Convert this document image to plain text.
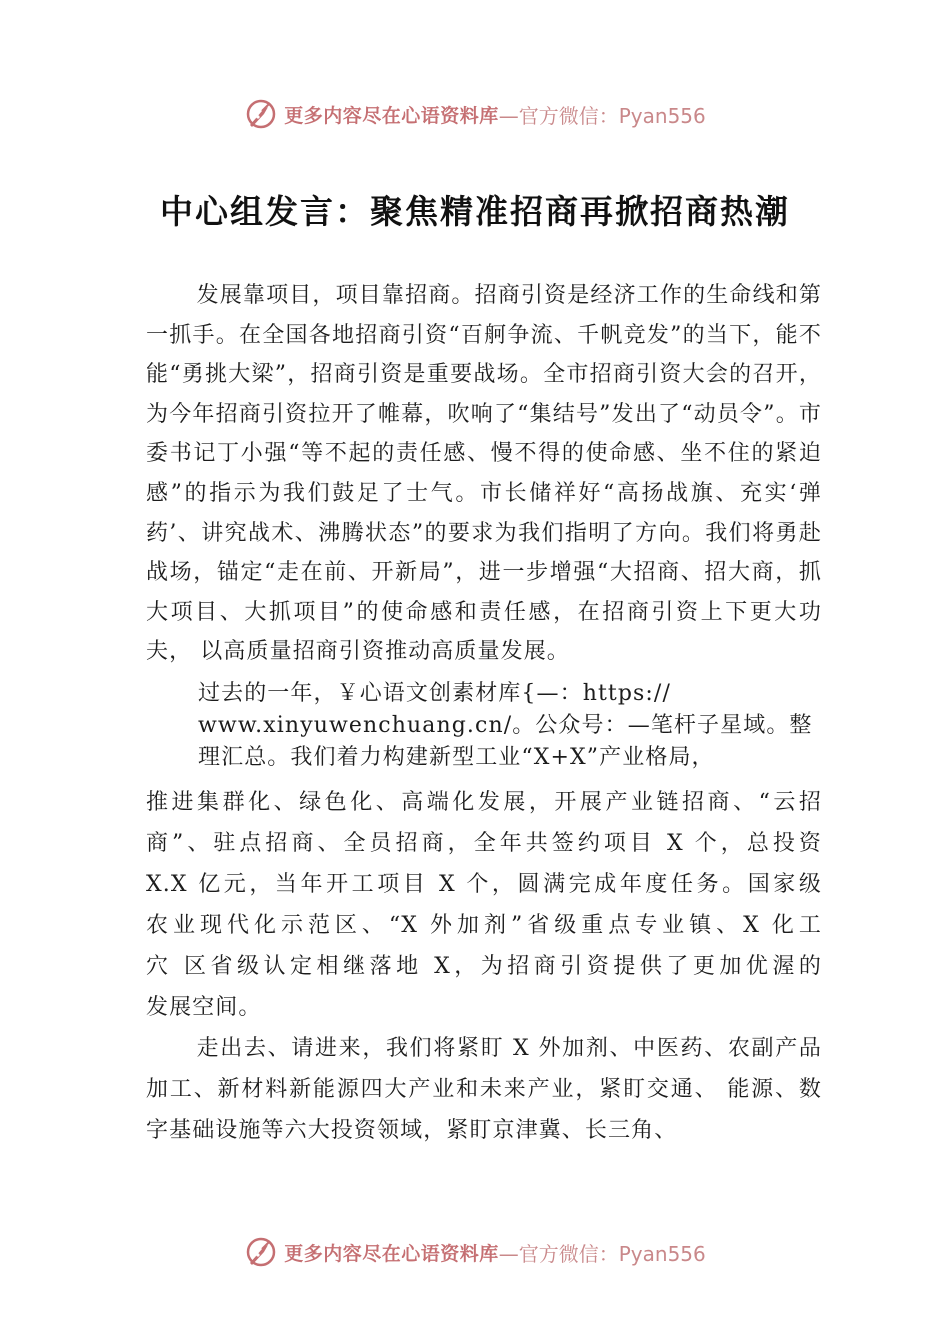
更多内容尽在心语资料库 —官方微信：Pyan556
中心组发言：聚焦精准招商再掀招商热潮

发展靠项目，项目靠招商。招商引资是经济工作的生命线和第一抓手。在全国各地招商引资“百舸争流、千帆竞发”的当下，能不能“勇挑大梁”，招商引资是重要战场。全市招商引资大会的召开，为今年招商引资拉开了帷幕，吹响了“集结号”发出了“动员令”。市委书记丁小强“等不起的责任感、慢不得的使命感、坐不住的紧迫感”的指示为我们鼓足了士气。市长储祥好“高扬战旗、充实‘弹药’、讲究战术、沸腾状态”的要求为我们指明了方向。我们将勇赴战场，锚定“走在前、开新局”，进一步增强“大招商、招大商，抓大项目、大抓项目”的使命感和责任感，在招商引资上下更大功夫， 以高质量招商引资推动高质量发展。

过去的一年，￥心语文创素材库{—：https://
www.xinyuwenchuang.cn/。公众号：—笔杆子星域。整
理汇总。我们着力构建新型工业“X+X”产业格局，
推进集群化、绿色化、高端化发展，开展产业链招商、“云招
商”、驻点招商、全员招商，全年共签约项目 X 个，总投资
X.X 亿元，当年开工项目 X 个，圆满完成年度任务。国家级
农业现代化示范区、“X 外加剂”省级重点专业镇、X 化工
⽳ 区省级认定相继落地 X，为招商引资提供了更加优渥的
发展空间。

走出去、请进来，我们将紧盯 X 外加剂、中医药、农副产品加工、新材料新能源四大产业和未来产业，紧盯交通、 能源、数字基础设施等六大投资领域，紧盯京津冀、长三角、

更多内容尽在心语资料库 —官方微信：Pyan556
